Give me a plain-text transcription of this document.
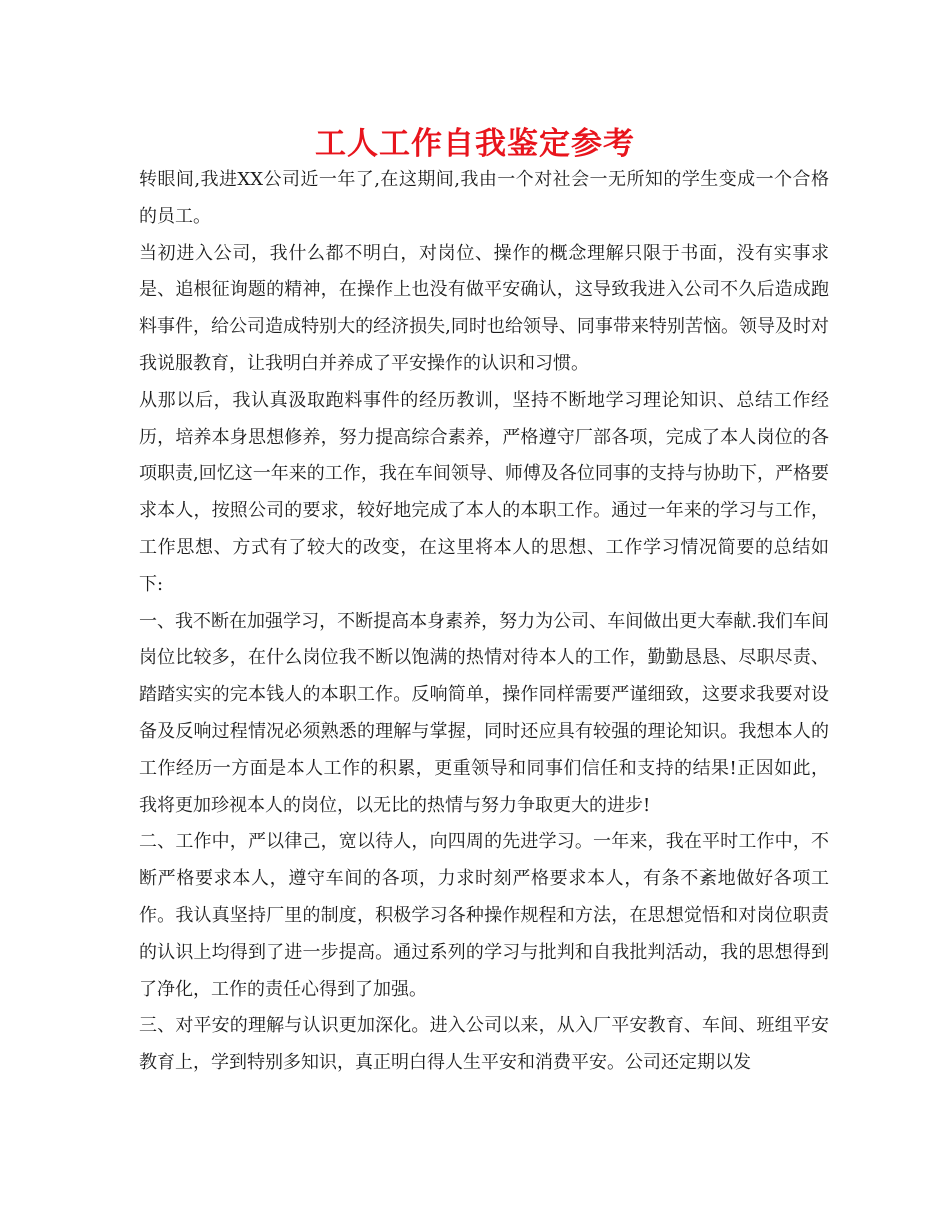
工人工作自我鉴定参考

转眼间,我进XX公司近一年了,在这期间,我由一个对社会一无所知的学生变成一个合格的员工。

当初进入公司，我什么都不明白，对岗位、操作的概念理解只限于书面，没有实事求是、追根征询题的精神，在操作上也没有做平安确认，这导致我进入公司不久后造成跑料事件，给公司造成特别大的经济损失,同时也给领导、同事带来特别苦恼。领导及时对我说服教育，让我明白并养成了平安操作的认识和习惯。

从那以后，我认真汲取跑料事件的经历教训，坚持不断地学习理论知识、总结工作经历，培养本身思想修养，努力提高综合素养，严格遵守厂部各项，完成了本人岗位的各项职责,回忆这一年来的工作，我在车间领导、师傅及各位同事的支持与协助下，严格要求本人，按照公司的要求，较好地完成了本人的本职工作。通过一年来的学习与工作，工作思想、方式有了较大的改变，在这里将本人的思想、工作学习情况简要的总结如下:

一、我不断在加强学习，不断提高本身素养，努力为公司、车间做出更大奉献.我们车间岗位比较多，在什么岗位我不断以饱满的热情对待本人的工作，勤勤恳恳、尽职尽责、踏踏实实的完本钱人的本职工作。反响简单，操作同样需要严谨细致，这要求我要对设备及反响过程情况必须熟悉的理解与掌握，同时还应具有较强的理论知识。我想本人的工作经历一方面是本人工作的积累，更重领导和同事们信任和支持的结果!正因如此，我将更加珍视本人的岗位，以无比的热情与努力争取更大的进步!

二、工作中，严以律己，宽以待人，向四周的先进学习。一年来，我在平时工作中，不断严格要求本人，遵守车间的各项，力求时刻严格要求本人，有条不紊地做好各项工作。我认真坚持厂里的制度，积极学习各种操作规程和方法，在思想觉悟和对岗位职责的认识上均得到了进一步提高。通过系列的学习与批判和自我批判活动，我的思想得到了净化，工作的责任心得到了加强。

三、对平安的理解与认识更加深化。进入公司以来，从入厂平安教育、车间、班组平安教育上，学到特别多知识，真正明白得人生平安和消费平安。公司还定期以发
